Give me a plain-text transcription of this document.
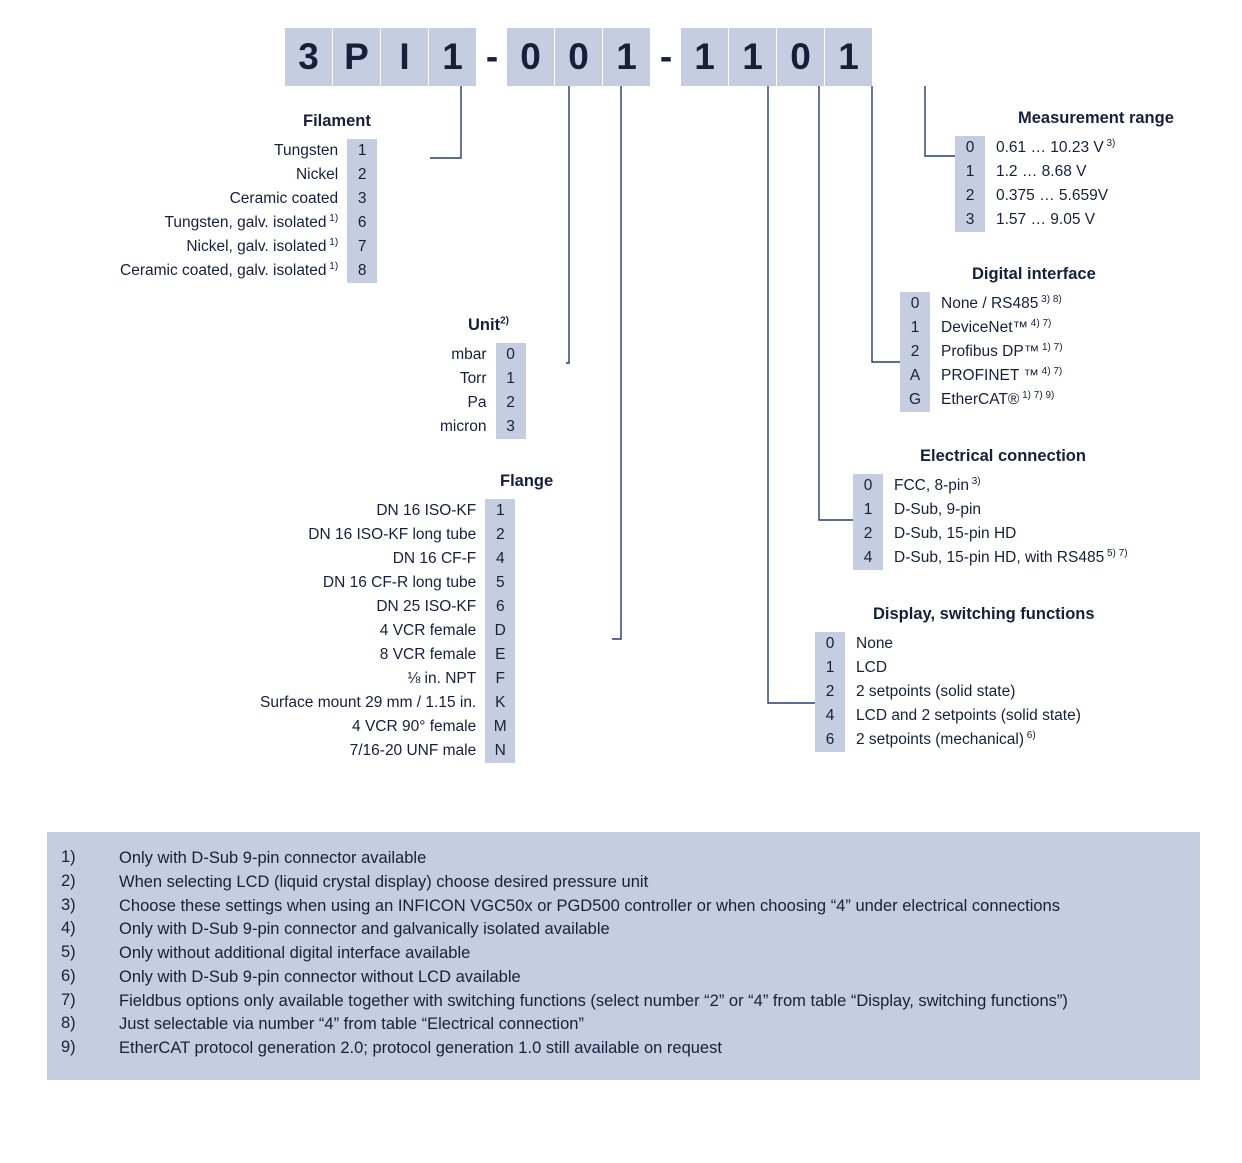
3 P I 1 - 0 0 1 - 1 1 0 1
Filament
Tungsten	1
Nickel	2
Ceramic coated	3
Tungsten, galv. isolated $^{1)}$	6
Nickel, galv. isolated $^{1)}$	7
Ceramic coated, galv. isolated $^{1)}$	8
Unit$^{2)}$
mbar	0
Torr	1
Pa	2
micron	3
Flange
DN 16 ISO-KF	1
DN 16 ISO-KF long tube	2
DN 16 CF-F	4
DN 16 CF-R long tube	5
DN 25 ISO-KF	6
4 VCR female	D
8 VCR female	E
⅛ in. NPT	F
Surface mount 29 mm / 1.15 in.	K
4 VCR 90° female	M
7/16-20 UNF male	N
Measurement range
0	0.61 … 10.23 V $^{3)}$
1	1.2 … 8.68 V
2	0.375 … 5.659V
3	1.57 … 9.05 V
Digital interface
0	None / RS485 $^{3) 8)}$
1	DeviceNet™ $^{4) 7)}$
2	Profibus DP™ $^{1) 7)}$
A	PROFINET ™ $^{4) 7)}$
G	EtherCAT® $^{1) 7) 9)}$
Electrical connection
0	FCC, 8-pin $^{3)}$
1	D-Sub, 9-pin
2	D-Sub, 15-pin HD
4	D-Sub, 15-pin HD, with RS485 $^{5) 7)}$
Display, switching functions
0	None
1	LCD
2	2 setpoints (solid state)
4	LCD and 2 setpoints (solid state)
6	2 setpoints (mechanical) $^{6)}$
1)	Only with D-Sub 9-pin connector available
2)	When selecting LCD (liquid crystal display) choose desired pressure unit
3)	Choose these settings when using an INFICON VGC50x or PGD500 controller or when choosing “4” under electrical connections
4)	Only with D-Sub 9-pin connector and galvanically isolated available
5)	Only without additional digital interface available
6)	Only with D-Sub 9-pin connector without LCD available
7)	Fieldbus options only available together with switching functions (select number “2” or “4” from table “Display, switching functions”)
8)	Just selectable via number “4” from table “Electrical connection”
9)	EtherCAT protocol generation 2.0; protocol generation 1.0 still available on request
